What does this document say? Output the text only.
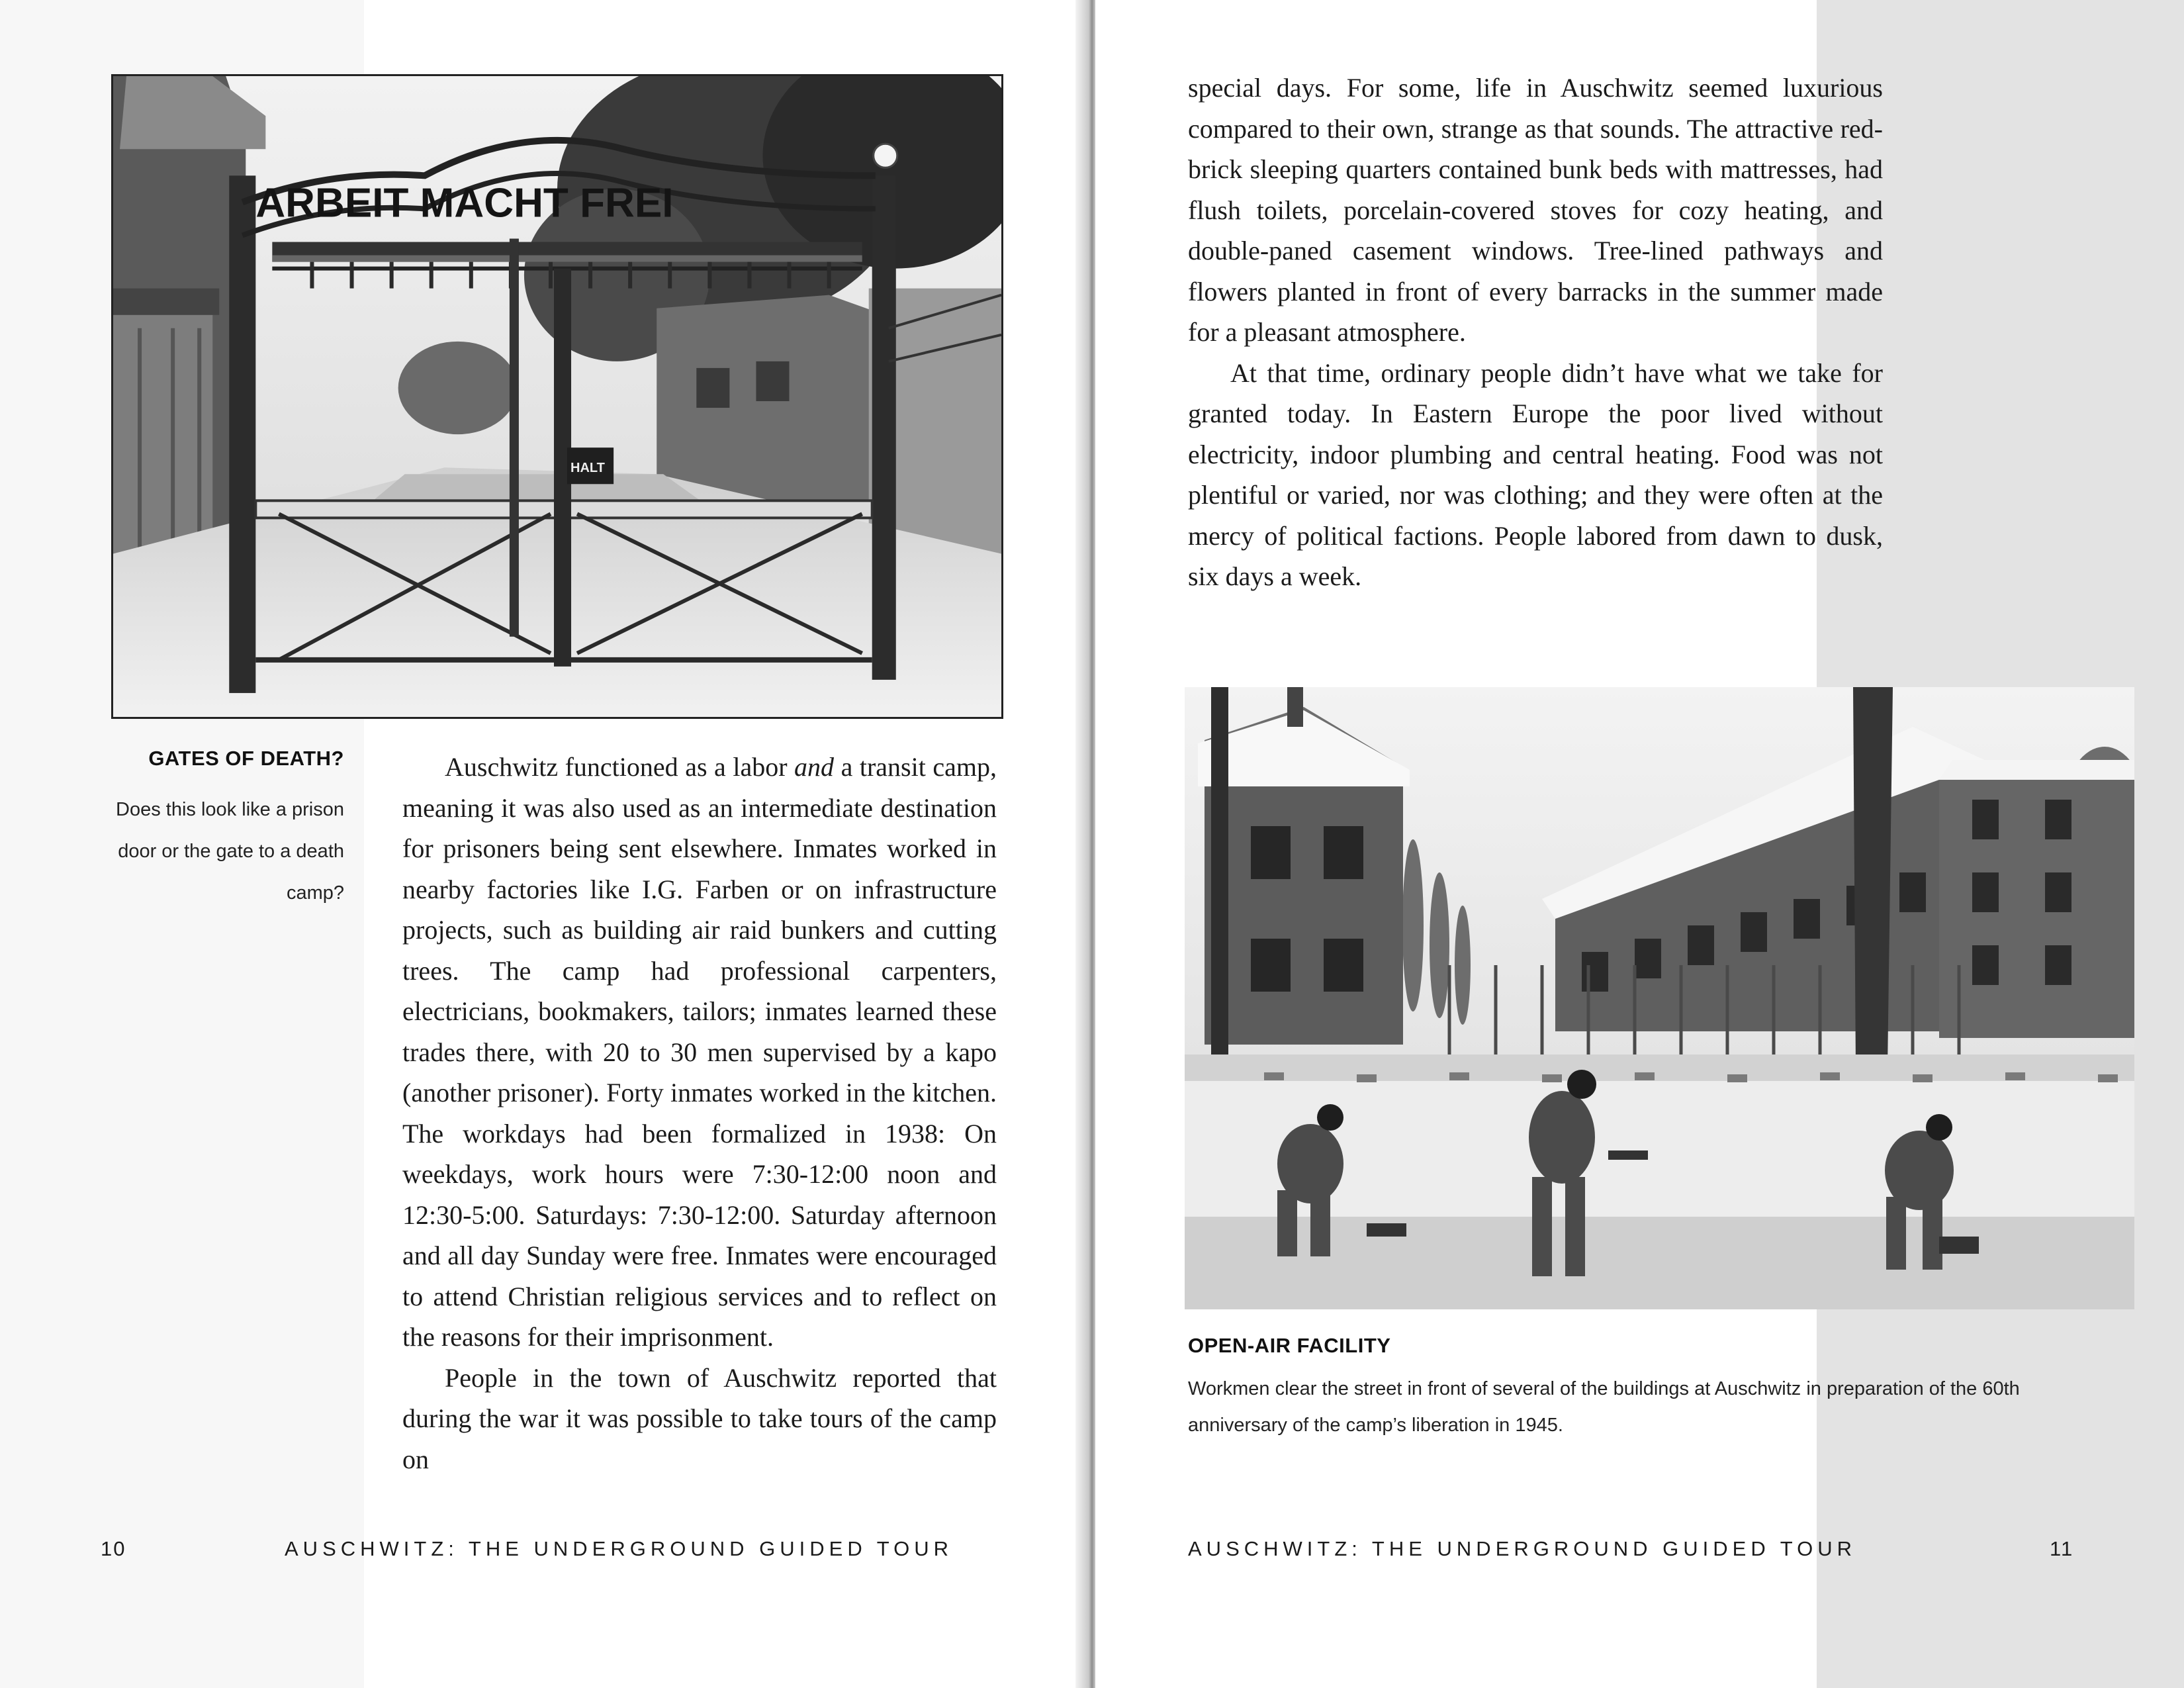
ARBEIT MACHT FREI
HALT
GATES OF DEATH?
Does this look like a prison door or the gate to a death camp?

Auschwitz functioned as a labor and a transit camp, meaning it was also used as an intermediate destination for prisoners being sent elsewhere. Inmates worked in nearby factories like I.G. Farben or on infrastructure projects, such as building air raid bunkers and cutting trees. The camp had professional carpenters, electricians, bookmakers, tailors; inmates learned these trades there, with 20 to 30 men supervised by a kapo (another prisoner). Forty inmates worked in the kitchen. The workdays had been formalized in 1938: On weekdays, work hours were 7:30-12:00 noon and 12:30-5:00. Saturdays: 7:30-12:00. Saturday afternoon and all day Sunday were free. Inmates were encouraged to attend Christian religious services and to reflect on the reasons for their imprisonment.

People in the town of Auschwitz reported that during the war it was possible to take tours of the camp on

10	AUSCHWITZ: THE UNDERGROUND GUIDED TOUR

special days. For some, life in Auschwitz seemed luxurious compared to their own, strange as that sounds. The attractive red-brick sleeping quarters contained bunk beds with mattresses, had flush toilets, porcelain-covered stoves for cozy heating, and double-paned casement windows. Tree-lined pathways and flowers planted in front of every barracks in the summer made for a pleasant atmosphere.

At that time, ordinary people didn’t have what we take for granted today. In Eastern Europe the poor lived without electricity, indoor plumbing and central heating. Food was not plentiful or varied, nor was clothing; and they were often at the mercy of political factions. People labored from dawn to dusk, six days a week.

OPEN-AIR FACILITY
Workmen clear the street in front of several of the buildings at Auschwitz in preparation of the 60th anniversary of the camp’s liberation in 1945.
AUSCHWITZ: THE UNDERGROUND GUIDED TOUR	11
